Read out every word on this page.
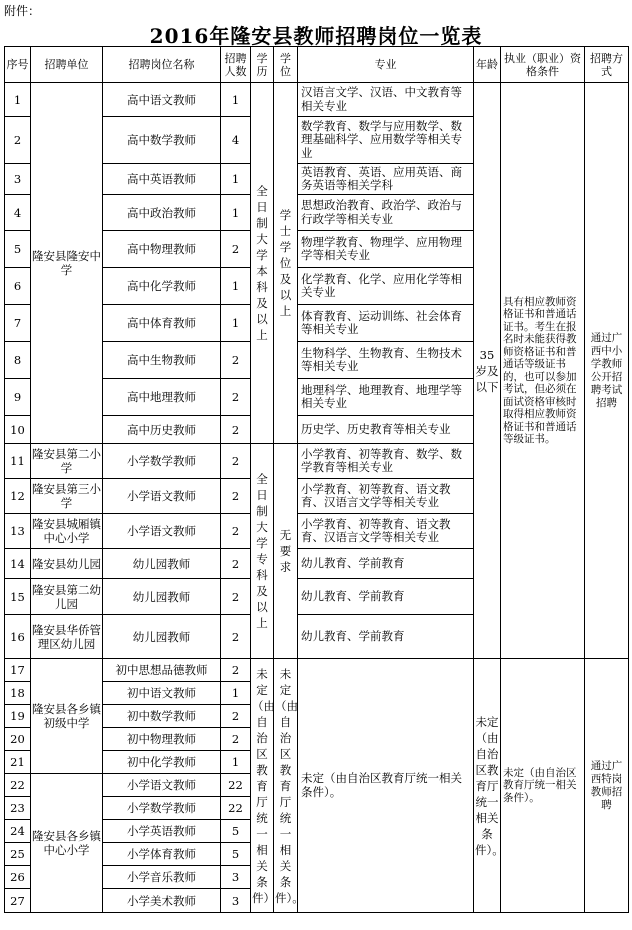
附件：
2016年隆安县教师招聘岗位一览表
序号	招聘单位	招聘岗位名称	招聘人数	学历	学位	专业	年龄	执业（职业）资格条件	招聘方式
1	隆安县隆安中学	高中语文教师	1	全日制大学本科及以上	学士学位及以上	汉语言文学、汉语、中文教育等相关专业	35岁及以下	具有相应教师资格证书和普通话证书。考生在报名时未能获得教师资格证书和普通话等级证书的，也可以参加考试，但必须在面试资格审核时取得相应教师资格证书和普通话等级证书。	通过广西中小学教师公开招聘考试招聘
2		高中数学教师	4			数学教育、数学与应用数学、数理基础科学、应用数学等相关专业			
3		高中英语教师	1			英语教育、英语、应用英语、商务英语等相关学科			
4		高中政治教师	1			思想政治教育、政治学、政治与行政学等相关专业			
5		高中物理教师	2			物理学教育、物理学、应用物理学等相关专业			
6		高中化学教师	1			化学教育、化学、应用化学等相关专业			
7		高中体育教师	1			体育教育、运动训练、社会体育等相关专业			
8		高中生物教师	2			生物科学、生物教育、生物技术等相关专业			
9		高中地理教师	2			地理科学、地理教育、地理学等相关专业			
10		高中历史教师	2			历史学、历史教育等相关专业			
11	隆安县第二小学	小学数学教师	2	全日制大学专科及以上	无要求	小学教育、初等教育、数学、数学教育等相关专业			
12	隆安县第三小学	小学语文教师	2			小学教育、初等教育、语文教育、汉语言文学等相关专业			
13	隆安县城厢镇中心小学	小学语文教师	2			小学教育、初等教育、语文教育、汉语言文学等相关专业			
14	隆安县幼儿园	幼儿园教师	2			幼儿教育、学前教育			
15	隆安县第二幼儿园	幼儿园教师	2			幼儿教育、学前教育			
16	隆安县华侨管理区幼儿园	幼儿园教师	2			幼儿教育、学前教育			
17	隆安县各乡镇初级中学	初中思想品德教师	2	未定（由自治区教育厅统一相关条件）	未定（由自治区教育厅统一相关条件）。	未定（由自治区教育厅统一相关条件）。	未定（由自治区教育厅统一相关条件）。	未定（由自治区教育厅统一相关条件）。	通过广西特岗教师招聘
18		初中语文教师	1						
19		初中数学教师	2						
20		初中物理教师	2						
21		初中化学教师	1						
22	隆安县各乡镇中心小学	小学语文教师	22						
23		小学数学教师	22						
24		小学英语教师	5						
25		小学体育教师	5						
26		小学音乐教师	3						
27		小学美术教师	3						
